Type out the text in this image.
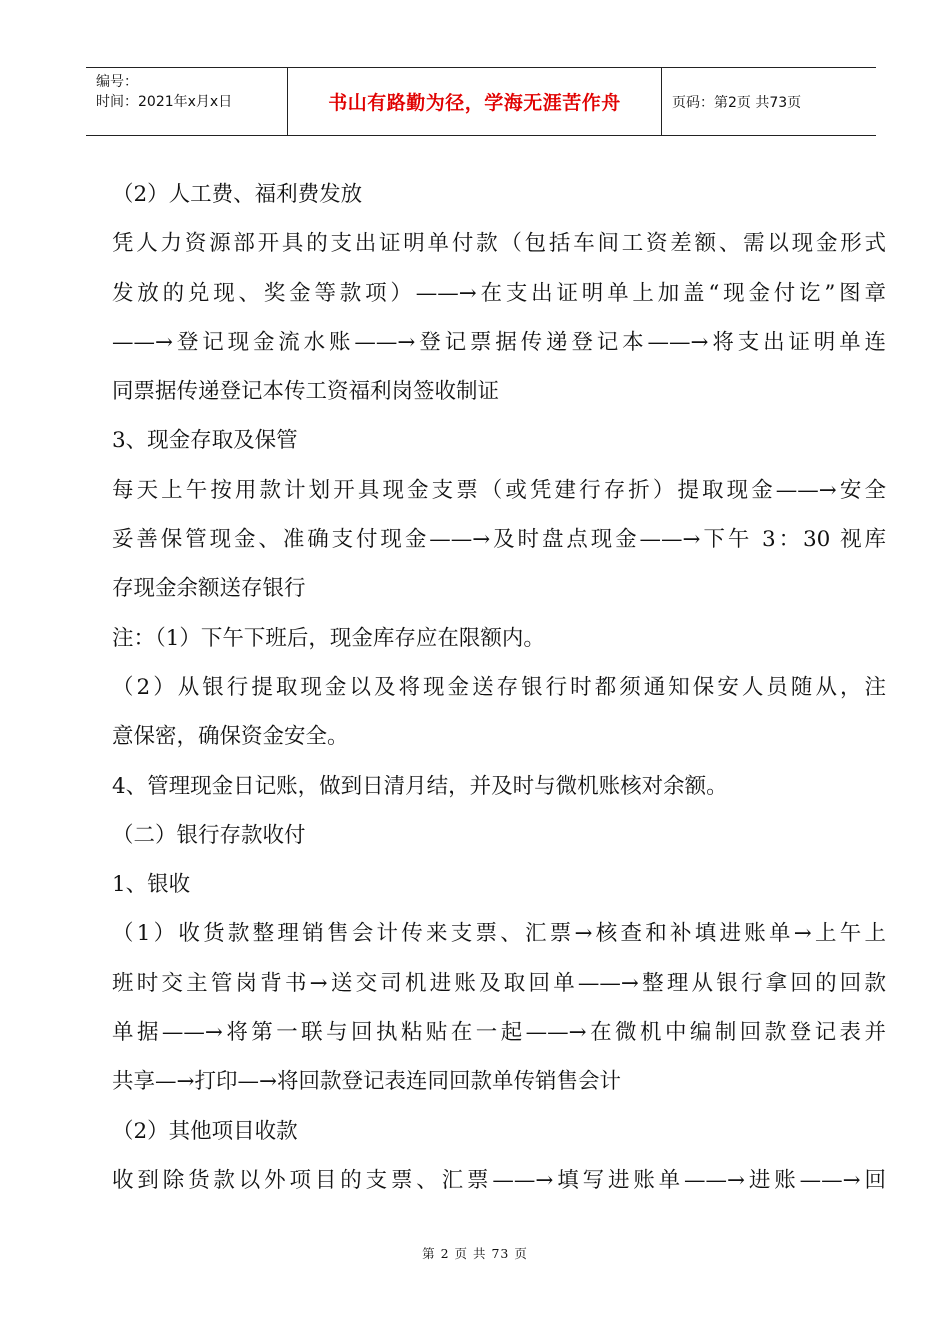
编号：
时间：2021年x月x日	书山有路勤为径，学海无涯苦作舟	页码：第2页 共73页

（2）人工费、福利费发放

凭人力资源部开具的支出证明单付款（包括车间工资差额、需以现金形式

发放的兑现、奖金等款项）——→在支出证明单上加盖“现金付讫”图章

——→登记现金流水账——→登记票据传递登记本——→将支出证明单连

同票据传递登记本传工资福利岗签收制证

3、现金存取及保管

每天上午按用款计划开具现金支票（或凭建行存折）提取现金——→安全

妥善保管现金、准确支付现金——→及时盘点现金——→下午 3：30 视库

存现金余额送存银行

注：（1）下午下班后，现金库存应在限额内。

（2）从银行提取现金以及将现金送存银行时都须通知保安人员随从，注

意保密，确保资金安全。

4、管理现金日记账，做到日清月结，并及时与微机账核对余额。

（二）银行存款收付

1、银收

（1）收货款整理销售会计传来支票、汇票→核查和补填进账单→上午上

班时交主管岗背书→送交司机进账及取回单——→整理从银行拿回的回款

单据——→将第一联与回执粘贴在一起——→在微机中编制回款登记表并

共享—→打印—→将回款登记表连同回款单传销售会计

（2）其他项目收款

收到除货款以外项目的支票、汇票——→填写进账单——→进账——→回

第 2 页 共 73 页
